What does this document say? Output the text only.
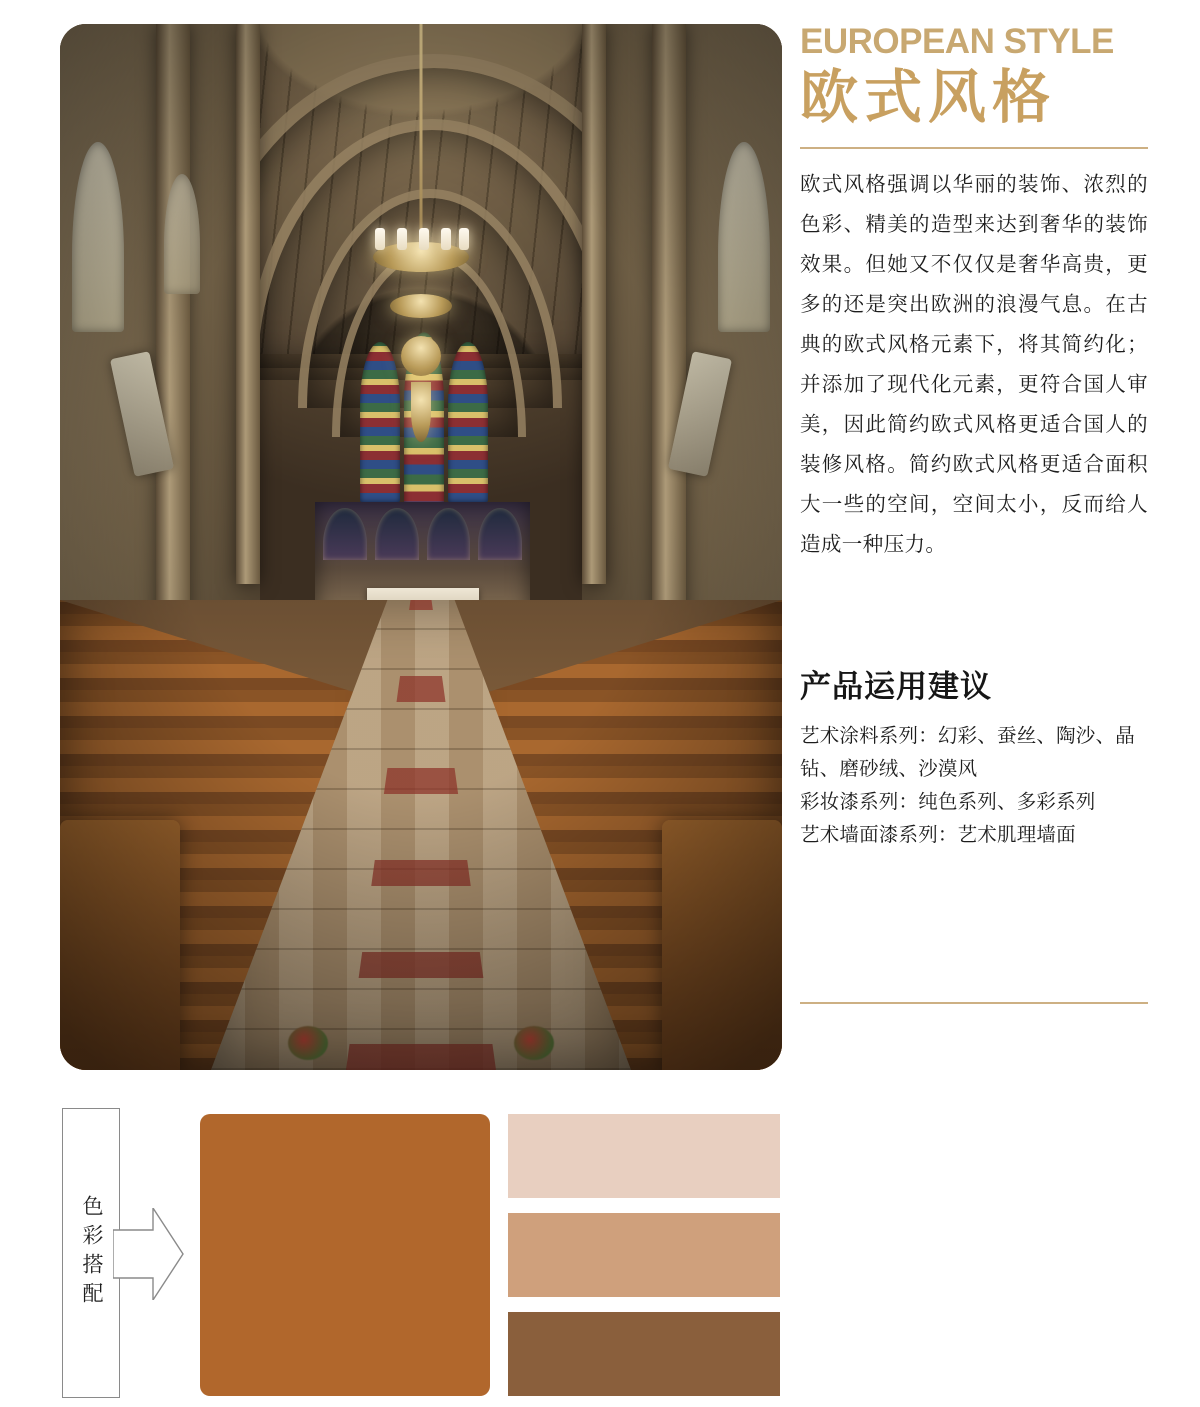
EUROPEAN STYLE
欧式风格
欧式风格强调以华丽的装饰、浓烈的色彩、精美的造型来达到奢华的装饰效果。但她又不仅仅是奢华高贵，更多的还是突出欧洲的浪漫气息。在古典的欧式风格元素下，将其简约化；并添加了现代化元素，更符合国人审美，因此简约欧式风格更适合国人的装修风格。简约欧式风格更适合面积大一些的空间，空间太小，反而给人造成一种压力。
产品运用建议

艺术涂料系列：幻彩、蚕丝、陶沙、晶钻、磨砂绒、沙漠风

彩妆漆系列：纯色系列、多彩系列

艺术墙面漆系列：艺术肌理墙面

色彩搭配
